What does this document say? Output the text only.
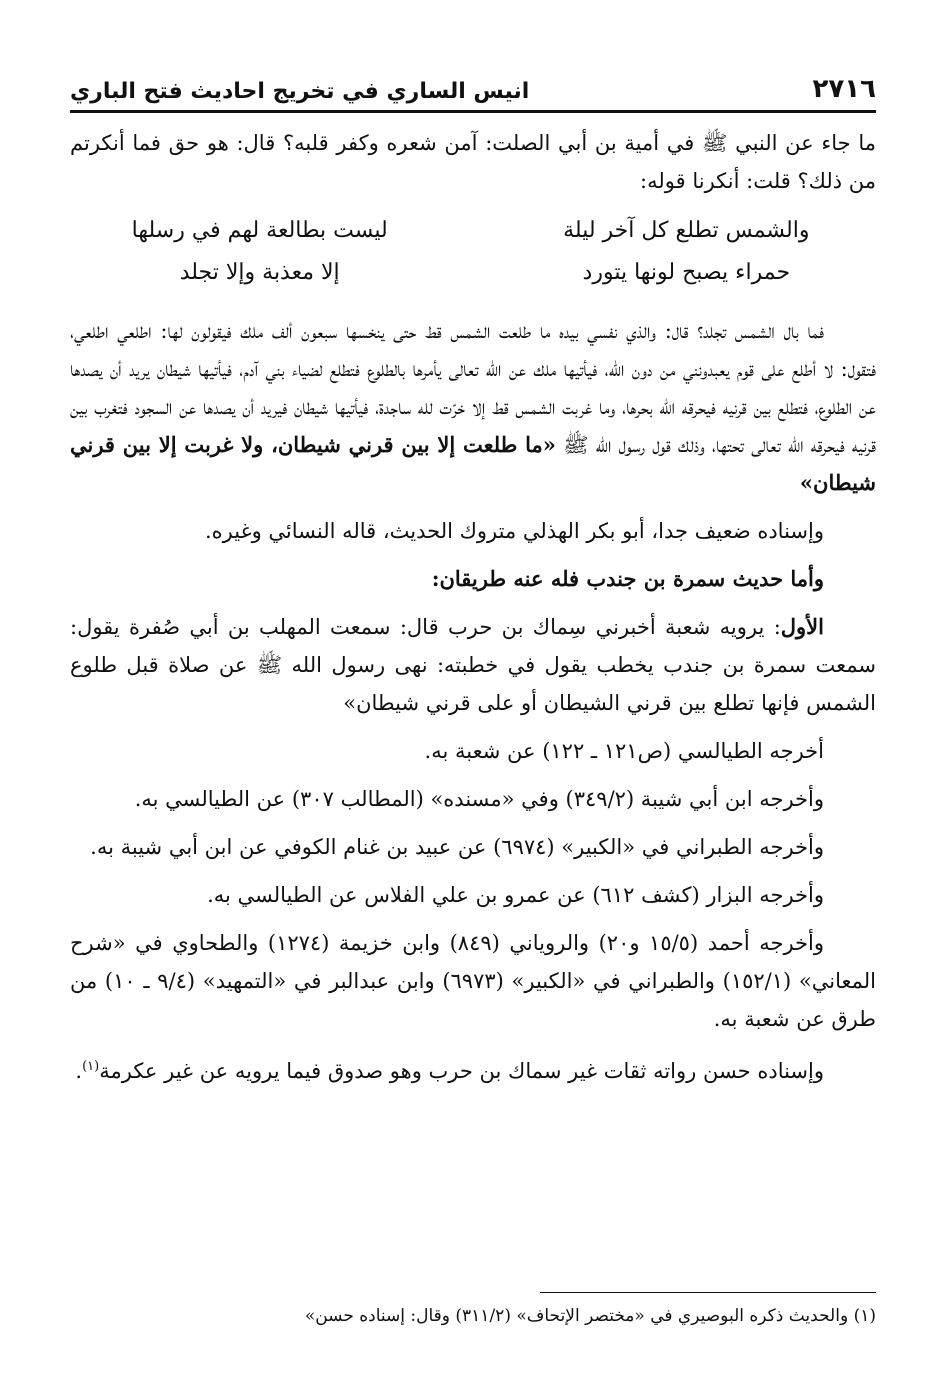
٢٧١٦
انيس الساري في تخريج احاديث فتح الباري

ما جاء عن النبي ﷺ في أمية بن أبي الصلت: آمن شعره وكفر قلبه؟ قال: هو حق فما أنكرتم من ذلك؟ قلت: أنكرنا قوله:

والشمس تطلع كل آخر ليلة
ليست بطالعة لهم في رسلها
حمراء يصبح لونها يتورد
إلا معذبة وإلا تجلد

فما بال الشمس تجلد؟ قال: والذي نفسي بيده ما طلعت الشمس قط حتى ينخسها سبعون ألف ملك فيقولون لها: اطلعي اطلعي، فتقول: لا أطلع على قوم يعبدونني من دون الله، فيأتيها ملك عن الله تعالى يأمرها بالطلوع فتطلع لضياء بني آدم، فيأتيها شيطان يريد أن يصدها عن الطلوع، فتطلع بين قرنيه فيحرقه الله بحرها، وما غربت الشمس قط إلا خرّت لله ساجدة، فيأتيها شيطان فيريد أن يصدها عن السجود فتغرب بين قرنيه فيحرقه الله تعالى تحتها، وذلك قول رسول الله ﷺ «ما طلعت إلا بين قرني شيطان، ولا غربت إلا بين قرني شيطان»

وإسناده ضعيف جدا، أبو بكر الهذلي متروك الحديث، قاله النسائي وغيره.

وأما حديث سمرة بن جندب فله عنه طريقان:

الأول: يرويه شعبة أخبرني سِماك بن حرب قال: سمعت المهلب بن أبي صُفرة يقول: سمعت سمرة بن جندب يخطب يقول في خطبته: نهى رسول الله ﷺ عن صلاة قبل طلوع الشمس فإنها تطلع بين قرني الشيطان أو على قرني شيطان»

أخرجه الطيالسي (ص١٢١ ـ ١٢٢) عن شعبة به.

وأخرجه ابن أبي شيبة (٣٤٩/٢) وفي «مسنده» (المطالب ٣٠٧) عن الطيالسي به.

وأخرجه الطبراني في «الكبير» (٦٩٧٤) عن عبيد بن غنام الكوفي عن ابن أبي شيبة به.

وأخرجه البزار (كشف ٦١٢) عن عمرو بن علي الفلاس عن الطيالسي به.

وأخرجه أحمد (١٥/٥ و٢٠) والروياني (٨٤٩) وابن خزيمة (١٢٧٤) والطحاوي في «شرح المعاني» (١٥٢/١) والطبراني في «الكبير» (٦٩٧٣) وابن عبدالبر في «التمهيد» (٩/٤ ـ ١٠) من طرق عن شعبة به.

وإسناده حسن رواته ثقات غير سماك بن حرب وهو صدوق فيما يرويه عن غير عكرمة$^{(١)}$.

(١) والحديث ذكره البوصيري في «مختصر الإتحاف» (٣١١/٢) وقال: إسناده حسن»
